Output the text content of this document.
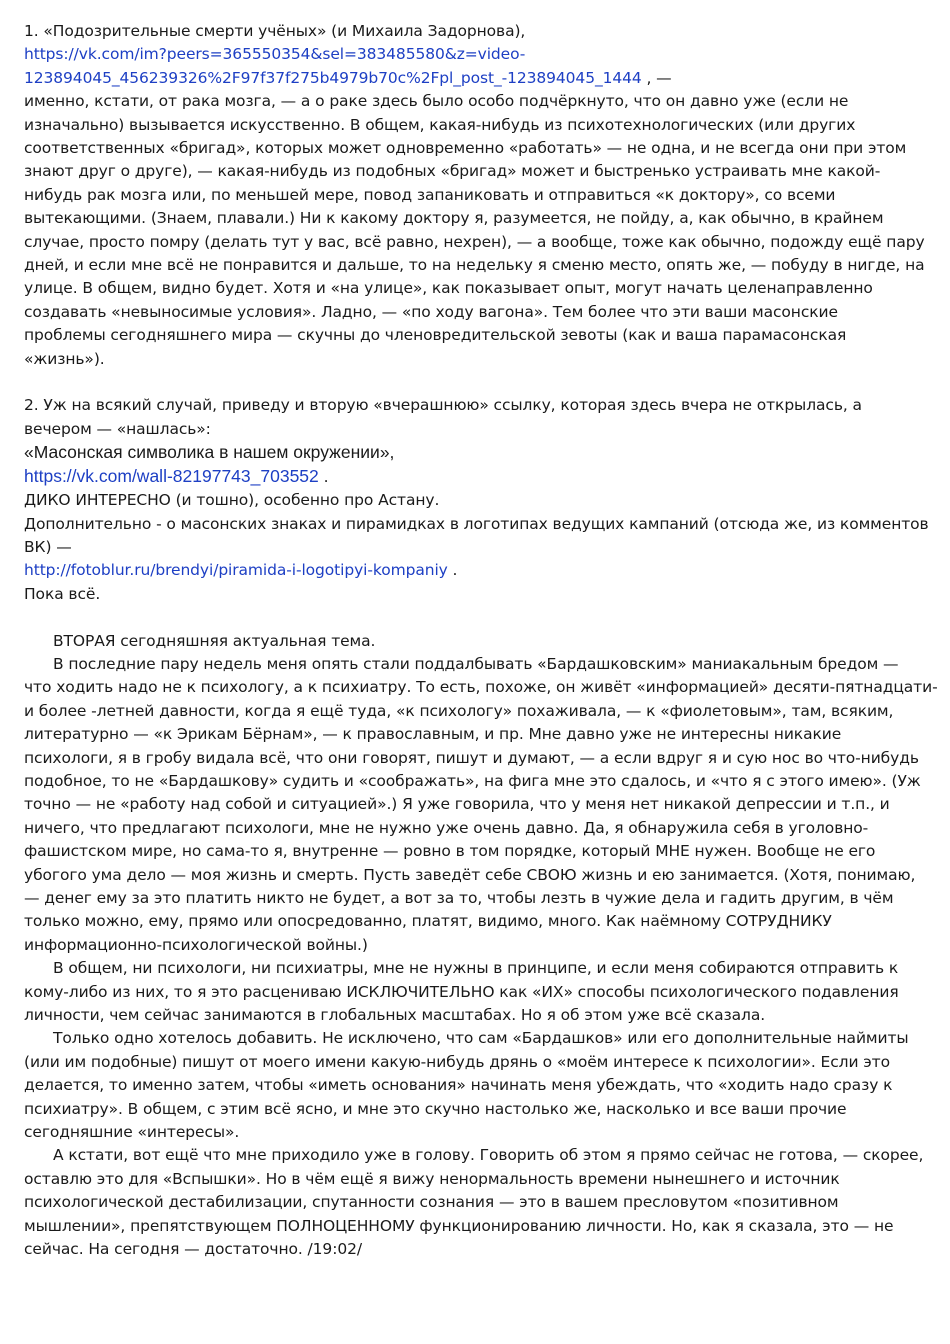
1. «Подозрительные смерти учёных» (и Михаила Задорнова),
https://vk.com/im?peers=365550354&sel=383485580&z=video-
123894045_456239326%2F97f37f275b4979b70c%2Fpl_post_-123894045_1444 , —
именно, кстати, от рака мозга, — а о раке здесь было особо подчёркнуто, что он давно уже (если не
изначально) вызывается искусственно. В общем, какая-нибудь из психотехнологических (или других
соответственных «бригад», которых может одновременно «работать» — не одна, и не всегда они при этом
знают друг о друге), — какая-нибудь из подобных «бригад» может и быстренько устраивать мне какой-
нибудь рак мозга или, по меньшей мере, повод запаниковать и отправиться «к доктору», со всеми
вытекающими. (Знаем, плавали.) Ни к какому доктору я, разумеется, не пойду, а, как обычно, в крайнем
случае, просто помру (делать тут у вас, всё равно, нехрен), — а вообще, тоже как обычно, подожду ещё пару
дней, и если мне всё не понравится и дальше, то на недельку я сменю место, опять же, — побуду в нигде, на
улице. В общем, видно будет. Хотя и «на улице», как показывает опыт, могут начать целенаправленно
создавать «невыносимые условия». Ладно, — «по ходу вагона». Тем более что эти ваши масонские
проблемы сегодняшнего мира — скучны до членовредительской зевоты (как и ваша парамасонская
«жизнь»).
2. Уж на всякий случай, приведу и вторую «вчерашнюю» ссылку, которая здесь вчера не открылась, а
вечером — «нашлась»:
«Масонская символика в нашем окружении»,
https://vk.com/wall-82197743_703552 .
ДИКО ИНТЕРЕСНО (и тошно), особенно про Астану.
Дополнительно - о масонских знаках и пирамидках в логотипах ведущих кампаний (отсюда же, из комментов
ВК) —
http://fotoblur.ru/brendyi/piramida-i-logotipyi-kompaniy .
Пока всё.
ВТОРАЯ сегодняшняя актуальная тема.
В последние пару недель меня опять стали поддалбывать «Бардашковским» маниакальным бредом —
что ходить надо не к психологу, а к психиатру. То есть, похоже, он живёт «информацией» десяти-пятнадцати-
и более -летней давности, когда я ещё туда, «к психологу» похаживала, — к «фиолетовым», там, всяким,
литературно — «к Эрикам Бёрнам», — к православным, и пр. Мне давно уже не интересны никакие
психологи, я в гробу видала всё, что они говорят, пишут и думают, — а если вдруг я и сую нос во что-нибудь
подобное, то не «Бардашкову» судить и «соображать», на фига мне это сдалось, и «что я с этого имею». (Уж
точно — не «работу над собой и ситуацией».) Я уже говорила, что у меня нет никакой депрессии и т.п., и
ничего, что предлагают психологи, мне не нужно уже очень давно. Да, я обнаружила себя в уголовно-
фашистском мире, но сама-то я, внутренне — ровно в том порядке, который МНЕ нужен. Вообще не его
убогого ума дело — моя жизнь и смерть. Пусть заведёт себе СВОЮ жизнь и ею занимается. (Хотя, понимаю,
— денег ему за это платить никто не будет, а вот за то, чтобы лезть в чужие дела и гадить другим, в чём
только можно, ему, прямо или опосредованно, платят, видимо, много. Как наёмному СОТРУДНИКУ
информационно-психологической войны.)
В общем, ни психологи, ни психиатры, мне не нужны в принципе, и если меня собираются отправить к
кому-либо из них, то я это расцениваю ИСКЛЮЧИТЕЛЬНО как «ИХ» способы психологического подавления
личности, чем сейчас занимаются в глобальных масштабах. Но я об этом уже всё сказала.
Только одно хотелось добавить. Не исключено, что сам «Бардашков» или его дополнительные наймиты
(или им подобные) пишут от моего имени какую-нибудь дрянь о «моём интересе к психологии». Если это
делается, то именно затем, чтобы «иметь основания» начинать меня убеждать, что «ходить надо сразу к
психиатру». В общем, с этим всё ясно, и мне это скучно настолько же, насколько и все ваши прочие
сегодняшние «интересы».
А кстати, вот ещё что мне приходило уже в голову. Говорить об этом я прямо сейчас не готова, — скорее,
оставлю это для «Вспышки». Но в чём ещё я вижу ненормальность времени нынешнего и источник
психологической дестабилизации, спутанности сознания — это в вашем пресловутом «позитивном
мышлении», препятствующем ПОЛНОЦЕННОМУ функционированию личности. Но, как я сказала, это — не
сейчас. На сегодня — достаточно. /19:02/
